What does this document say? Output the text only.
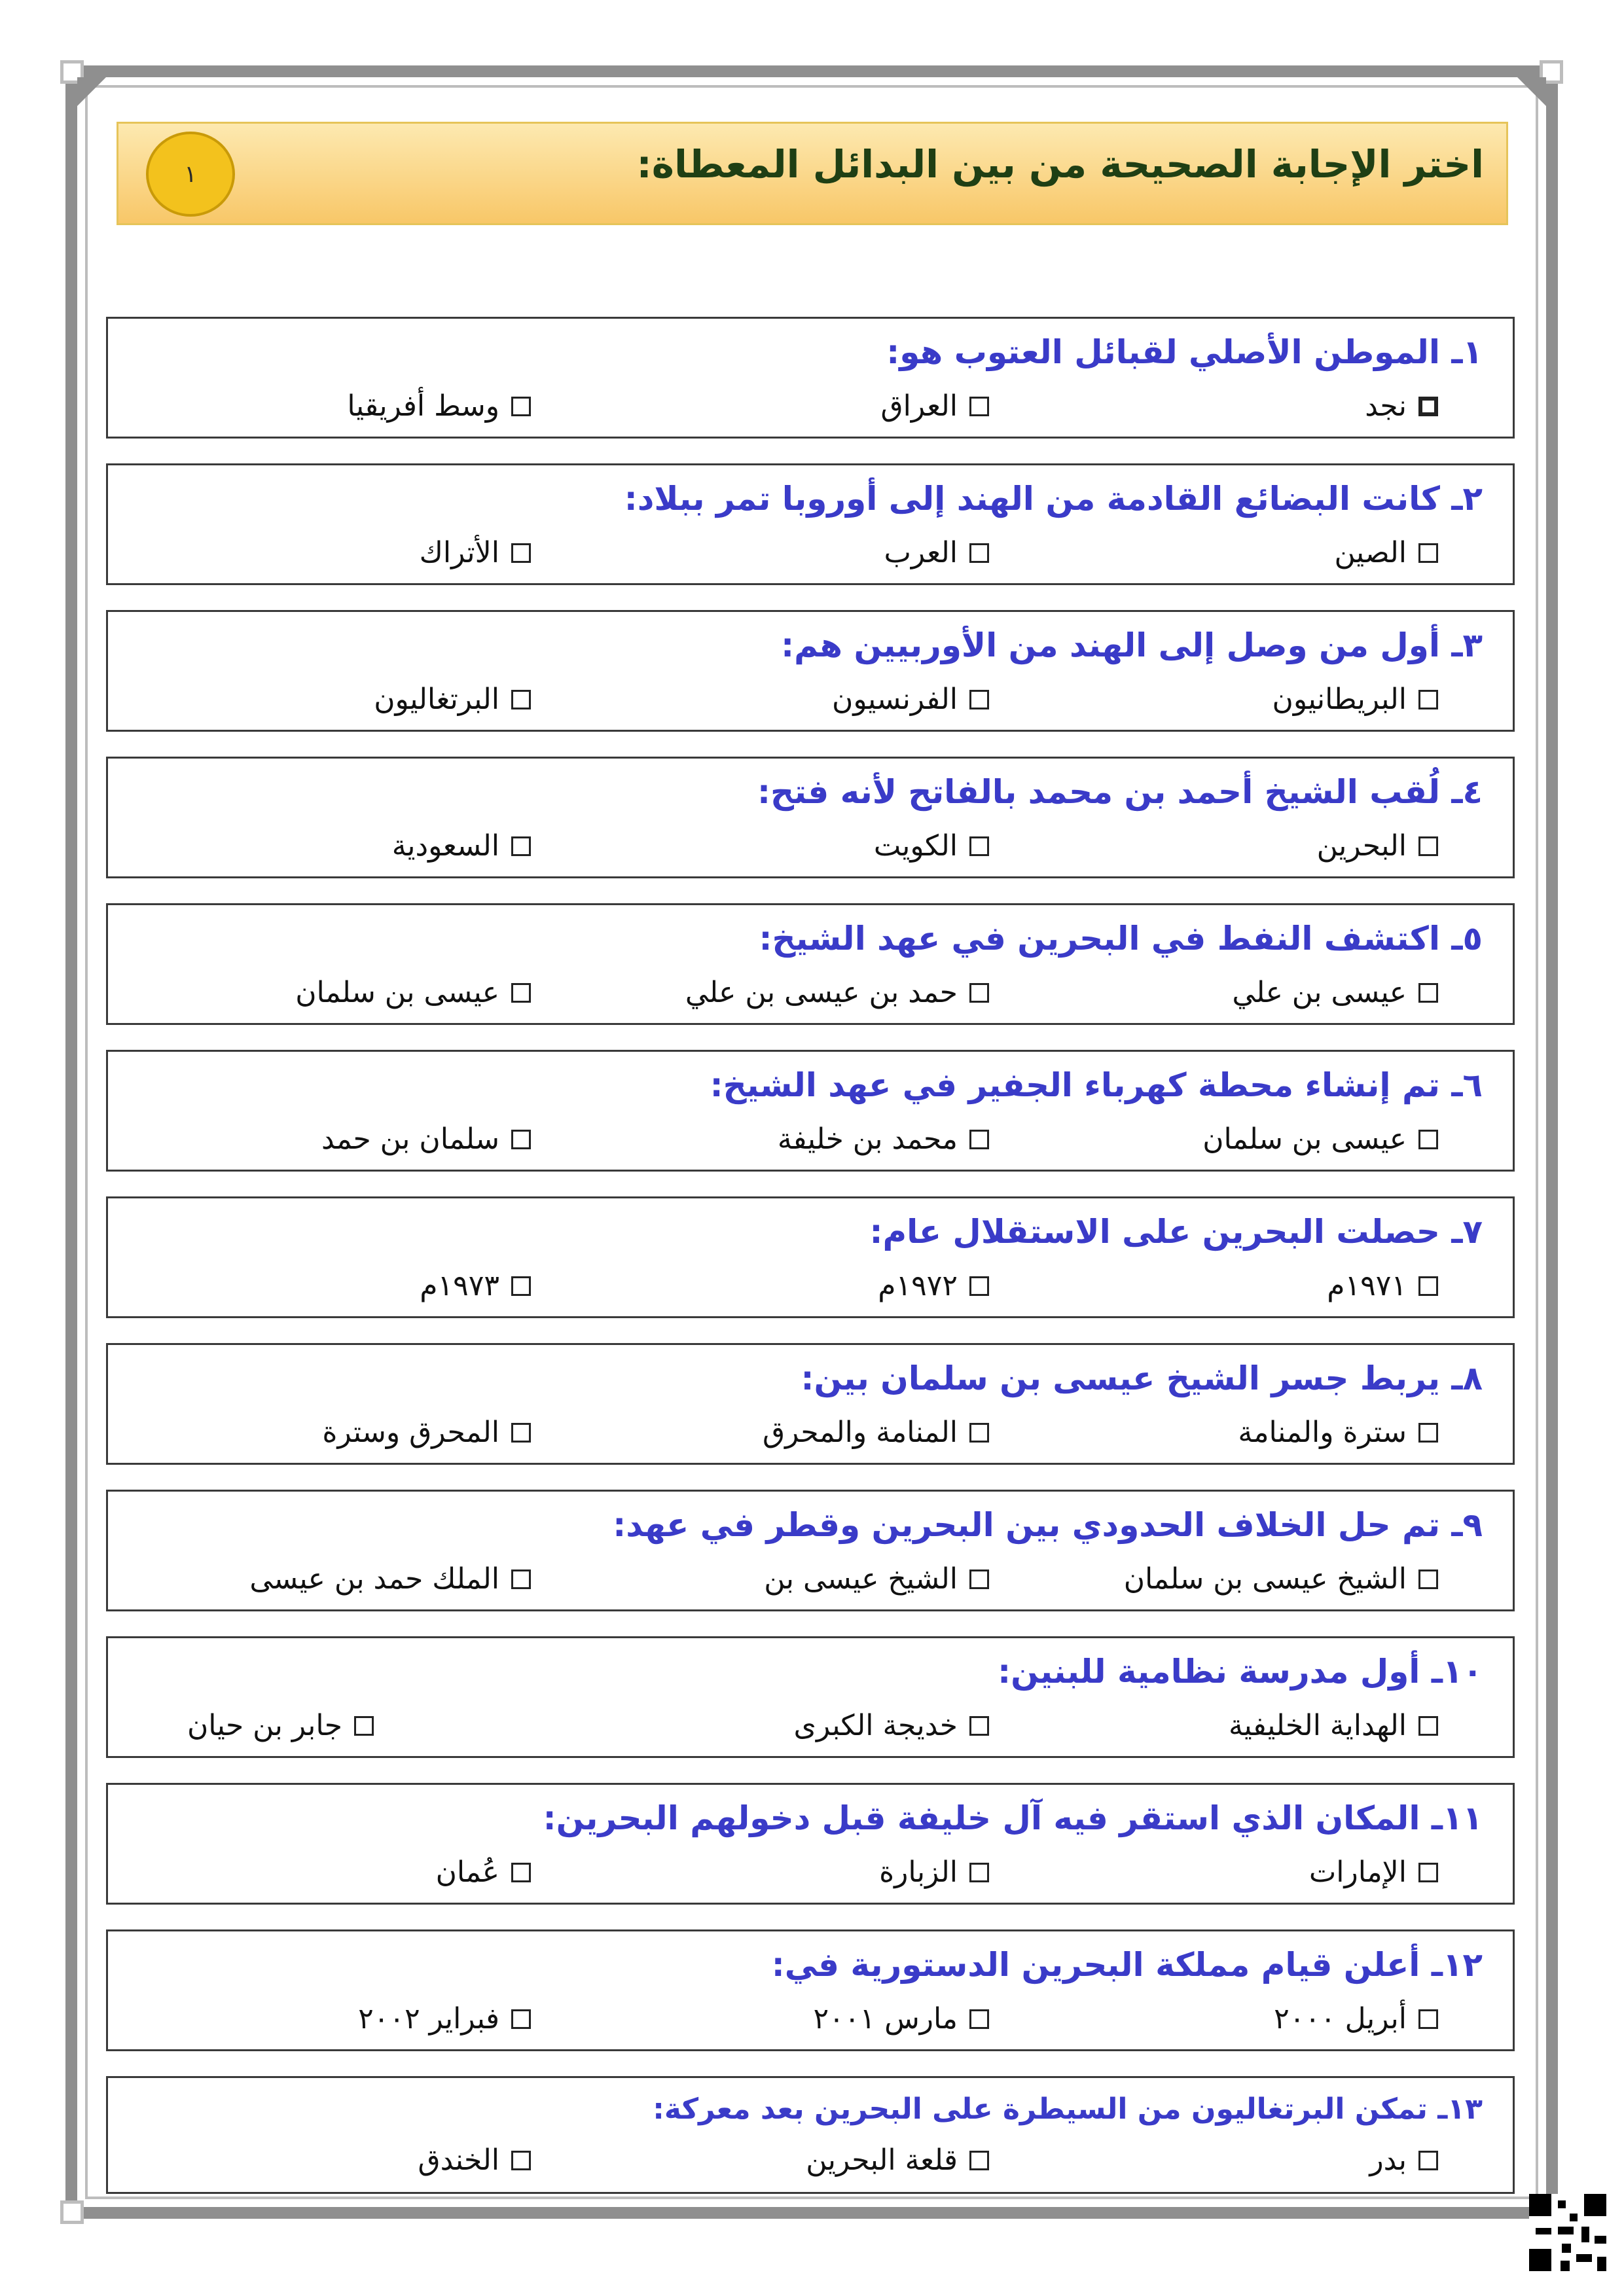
اختر الإجابة الصحيحة من بين البدائل المعطاة:
١
١ـ الموطن الأصلي لقبائل العتوب هو:
نجد
العراق
وسط أفريقيا
٢ـ كانت البضائع القادمة من الهند إلى أوروبا تمر ببلاد:
الصين
العرب
الأتراك
٣ـ أول من وصل إلى الهند من الأوربيين هم:
البريطانيون
الفرنسيون
البرتغاليون
٤ـ لُقب الشيخ أحمد بن محمد بالفاتح لأنه فتح:
البحرين
الكويت
السعودية
٥ـ اكتشف النفط في البحرين في عهد الشيخ:
عيسى بن علي
حمد بن عيسى بن علي
عيسى بن سلمان
٦ـ تم إنشاء محطة كهرباء الجفير في عهد الشيخ:
عيسى بن سلمان
محمد بن خليفة
سلمان بن حمد
٧ـ حصلت البحرين على الاستقلال عام:
١٩٧١م
١٩٧٢م
١٩٧٣م
٨ـ يربط جسر الشيخ عيسى بن سلمان بين:
سترة والمنامة
المنامة والمحرق
المحرق وسترة
٩ـ تم حل الخلاف الحدودي بين البحرين وقطر في عهد:
الشيخ عيسى بن سلمان
الشيخ عيسى بن
الملك حمد بن عيسى
١٠ـ أول مدرسة نظامية للبنين:
الهداية الخليفية
خديجة الكبرى
جابر بن حيان
١١ـ المكان الذي استقر فيه آل خليفة قبل دخولهم البحرين:
الإمارات
الزبارة
عُمان
١٢ـ أعلن قيام مملكة البحرين الدستورية في:
أبريل ٢٠٠٠
مارس ٢٠٠١
فبراير ٢٠٠٢
١٣ـ تمكن البرتغاليون من السيطرة على البحرين بعد معركة:
بدر
قلعة البحرين
الخندق
